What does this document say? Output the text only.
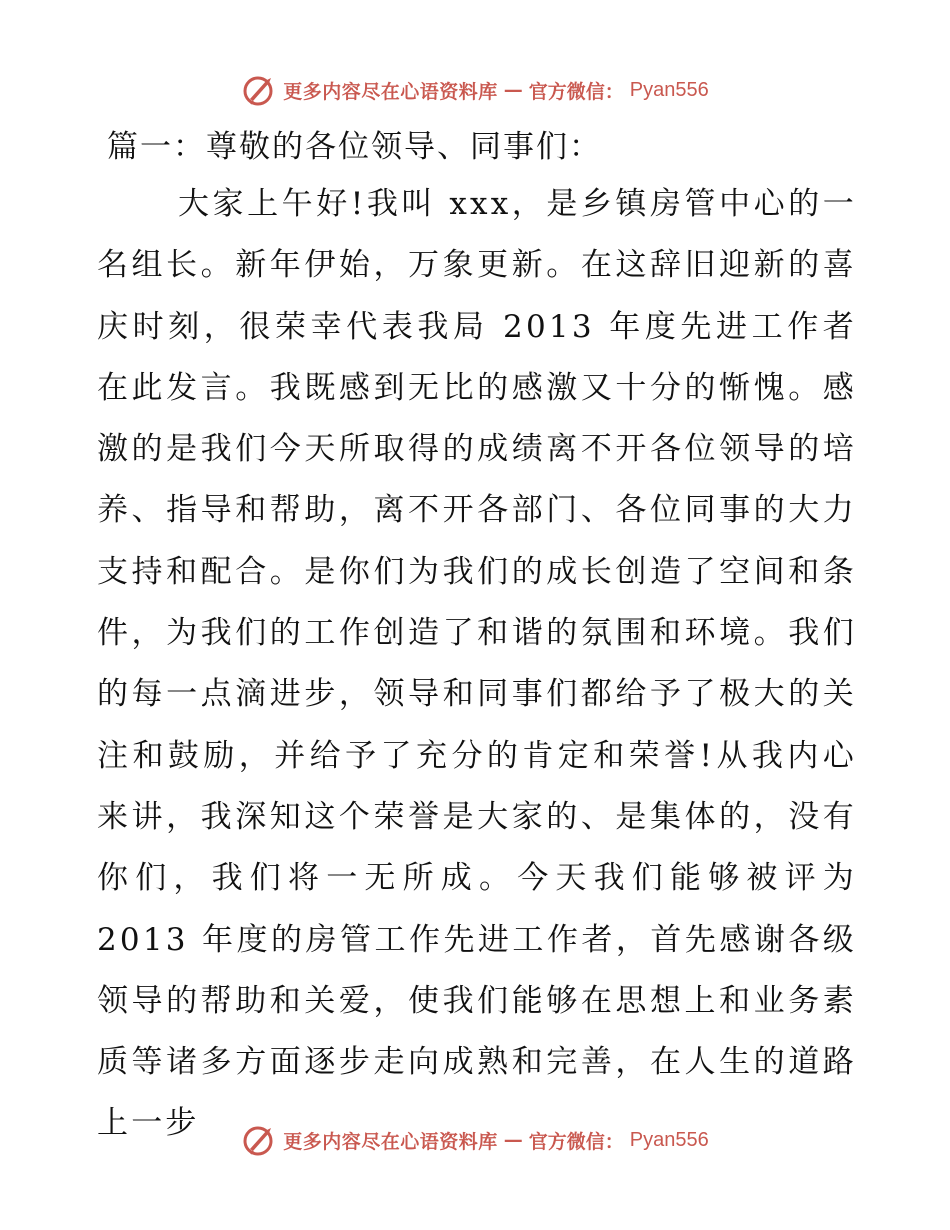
更多内容尽在心语资料库 — 官方微信： Pyan556
篇一：尊敬的各位领导、同事们：

大家上午好!我叫 xxx，是乡镇房管中心的一名组长。新年伊始，万象更新。在这辞旧迎新的喜庆时刻，很荣幸代表我局 2013 年度先进工作者在此发言。我既感到无比的感激又十分的惭愧。感激的是我们今天所取得的成绩离不开各位领导的培养、指导和帮助，离不开各部门、各位同事的大力支持和配合。是你们为我们的成长创造了空间和条件，为我们的工作创造了和谐的氛围和环境。我们的每一点滴进步，领导和同事们都给予了极大的关注和鼓励，并给予了充分的肯定和荣誉!从我内心来讲，我深知这个荣誉是大家的、是集体的，没有你们，我们将一无所成。今天我们能够被评为 2013 年度的房管工作先进工作者，首先感谢各级领导的帮助和关爱，使我们能够在思想上和业务素质等诸多方面逐步走向成熟和完善，在人生的道路上一步

更多内容尽在心语资料库 — 官方微信： Pyan556
